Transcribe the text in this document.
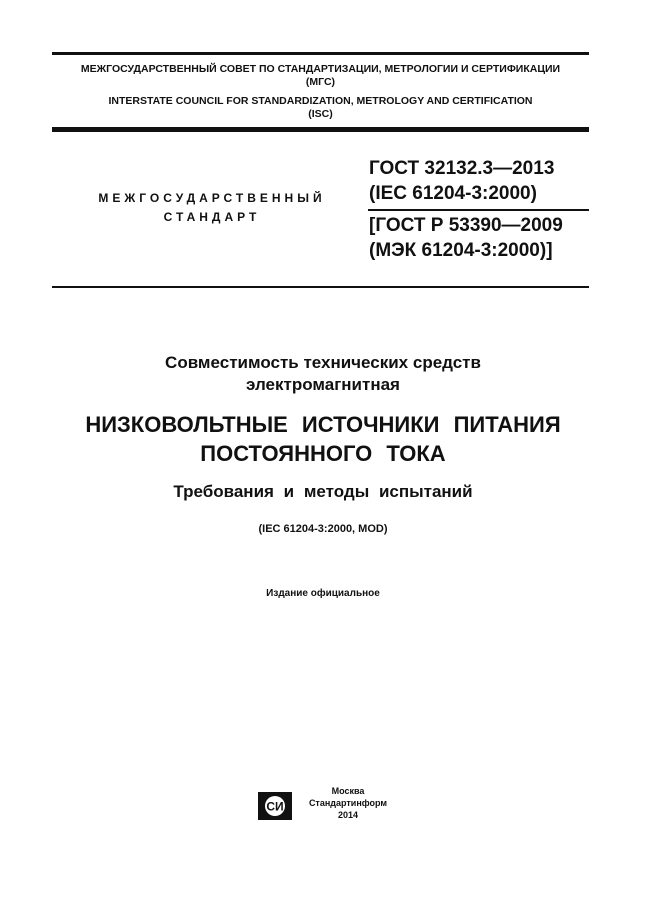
МЕЖГОСУДАРСТВЕННЫЙ СОВЕТ ПО СТАНДАРТИЗАЦИИ, МЕТРОЛОГИИ И СЕРТИФИКАЦИИ
(МГС)
INTERSTATE COUNCIL FOR STANDARDIZATION, METROLOGY AND CERTIFICATION
(ISC)
МЕЖГОСУДАРСТВЕННЫЙ
СТАНДАРТ
ГОСТ 32132.3—2013
(IEC 61204-3:2000)
[ГОСТ Р 53390—2009
(МЭК 61204-3:2000)]
Совместимость технических средств
электромагнитная
НИЗКОВОЛЬТНЫЕ ИСТОЧНИКИ ПИТАНИЯ
ПОСТОЯННОГО ТОКА
Требования и методы испытаний
(IEC 61204-3:2000, MOD)
Издание официальное
СИ
Москва
Стандартинформ
2014
